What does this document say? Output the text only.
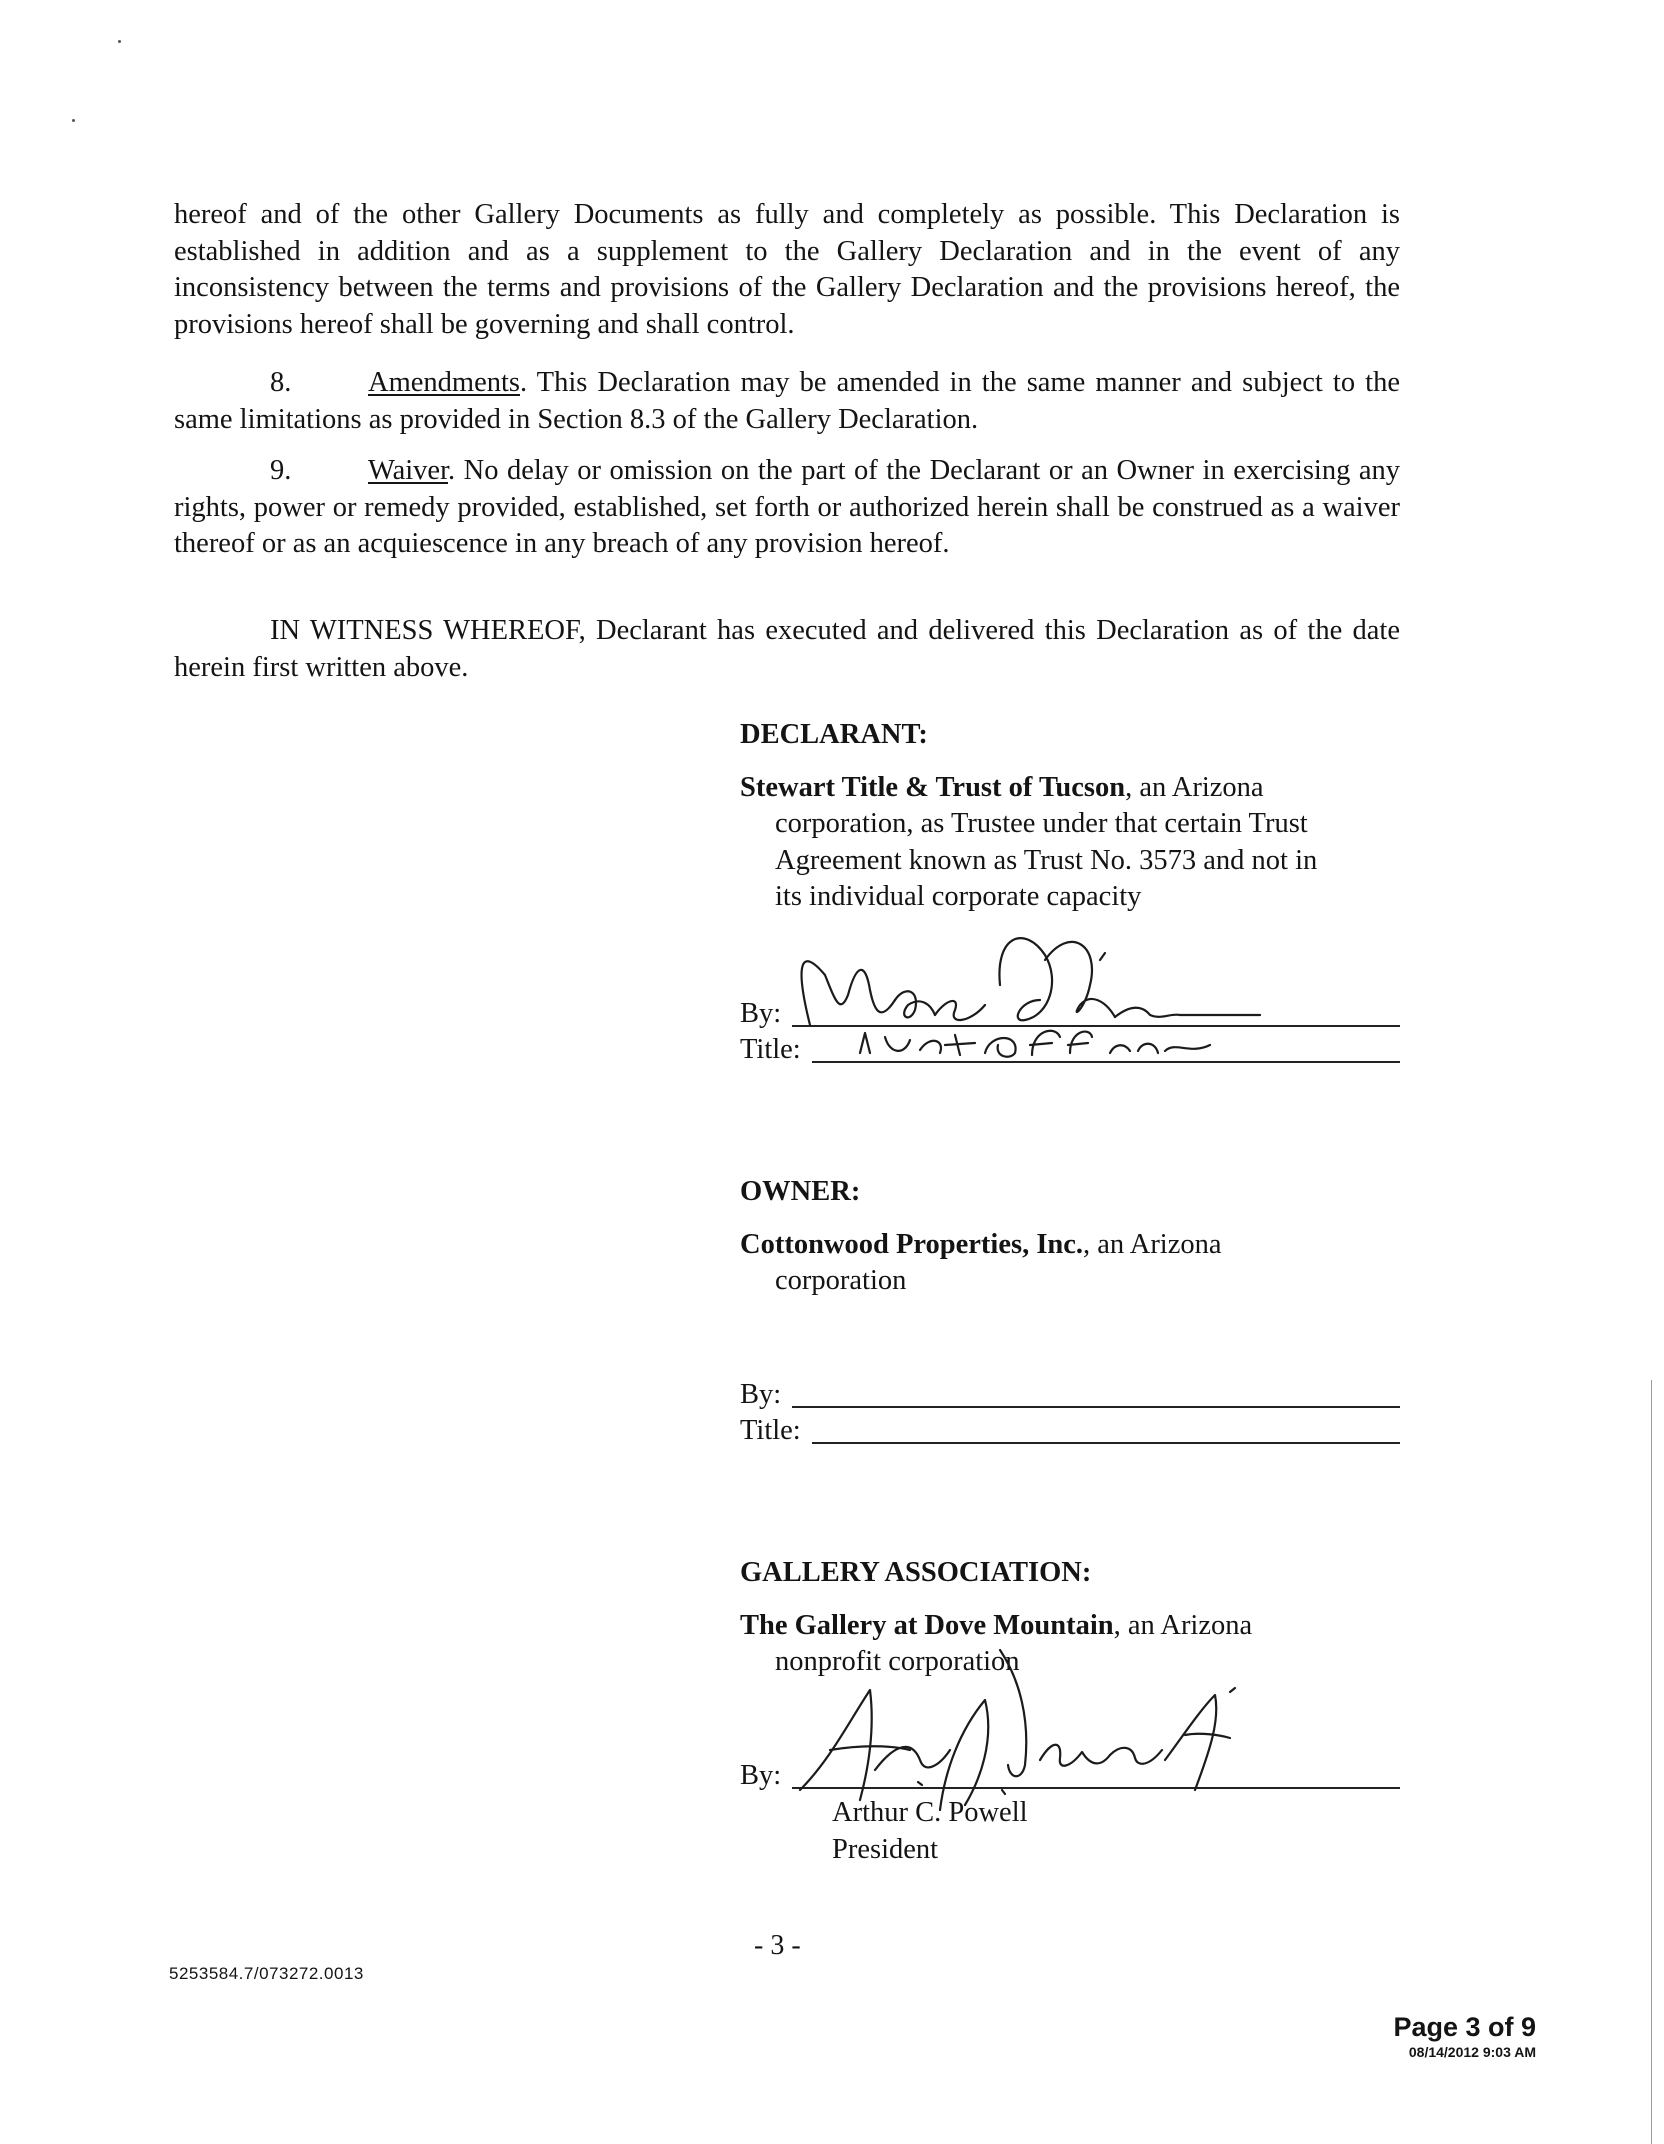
hereof and of the other Gallery Documents as fully and completely as possible. This Declaration is established in addition and as a supplement to the Gallery Declaration and in the event of any inconsistency between the terms and provisions of the Gallery Declaration and the provisions hereof, the provisions hereof shall be governing and shall control.

8.	Amendments. This Declaration may be amended in the same manner and subject to the same limitations as provided in Section 8.3 of the Gallery Declaration.

9.	Waiver. No delay or omission on the part of the Declarant or an Owner in exercising any rights, power or remedy provided, established, set forth or authorized herein shall be construed as a waiver thereof or as an acquiescence in any breach of any provision hereof.

IN WITNESS WHEREOF, Declarant has executed and delivered this Declaration as of the date herein first written above.

DECLARANT:
Stewart Title & Trust of Tucson, an Arizona
corporation, as Trustee under that certain Trust
Agreement known as Trust No. 3573 and not in
its individual corporate capacity
By:
Title:
OWNER:
Cottonwood Properties, Inc., an Arizona
corporation
By:
Title:
GALLERY ASSOCIATION:
The Gallery at Dove Mountain, an Arizona
nonprofit corporation
By:
Arthur C. Powell
President
- 3 -
5253584.7/073272.0013
Page 3 of 9
08/14/2012 9:03 AM
